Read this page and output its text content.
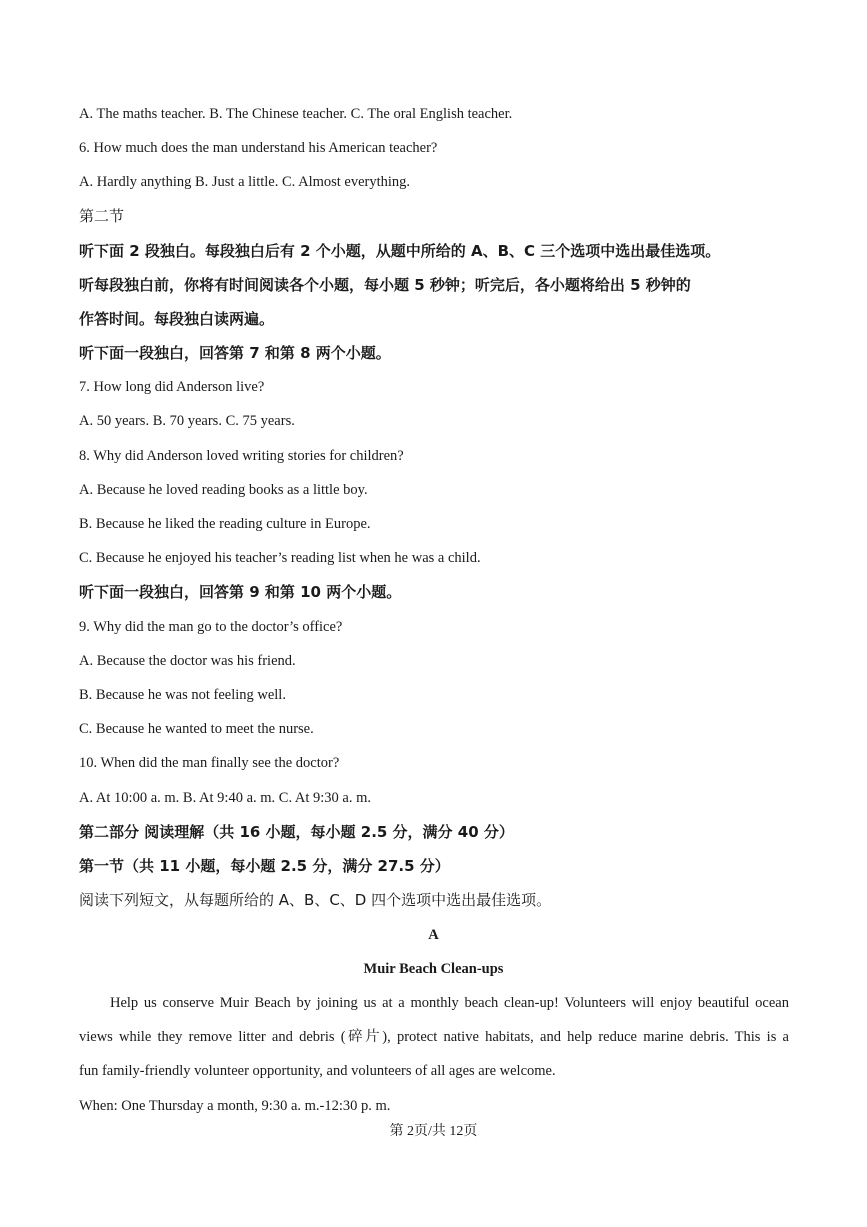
A. The maths teacher. B. The Chinese teacher. C. The oral English teacher.
6. How much does the man understand his American teacher?
A. Hardly anything B. Just a little. C. Almost everything.
第二节
听下面 2 段独白。每段独白后有 2 个小题，从题中所给的 A、B、C 三个选项中选出最佳选项。
听每段独白前，你将有时间阅读各个小题，每小题 5 秒钟；听完后，各小题将给出 5 秒钟的
作答时间。每段独白读两遍。
听下面一段独白，回答第 7 和第 8 两个小题。
7. How long did Anderson live?
A. 50 years. B. 70 years. C. 75 years.
8. Why did Anderson loved writing stories for children?
A. Because he loved reading books as a little boy.
B. Because he liked the reading culture in Europe.
C. Because he enjoyed his teacher’s reading list when he was a child.
听下面一段独白，回答第 9 和第 10 两个小题。
9. Why did the man go to the doctor’s office?
A. Because the doctor was his friend.
B. Because he was not feeling well.
C. Because he wanted to meet the nurse.
10. When did the man finally see the doctor?
A. At 10:00 a. m. B. At 9:40 a. m. C. At 9:30 a. m.
第二部分 阅读理解（共 16 小题，每小题 2.5 分，满分 40 分）
第一节（共 11 小题，每小题 2.5 分，满分 27.5 分）
阅读下列短文，从每题所给的 A、B、C、D 四个选项中选出最佳选项。
A
Muir Beach Clean-ups
Help us conserve Muir Beach by joining us at a monthly beach clean-up! Volunteers will enjoy beautiful ocean
views while they remove litter and debris (碎片), protect native habitats, and help reduce marine debris. This is a
fun family-friendly volunteer opportunity, and volunteers of all ages are welcome.
When: One Thursday a month, 9:30 a. m.-12:30 p. m.
第 2页/共 12页
